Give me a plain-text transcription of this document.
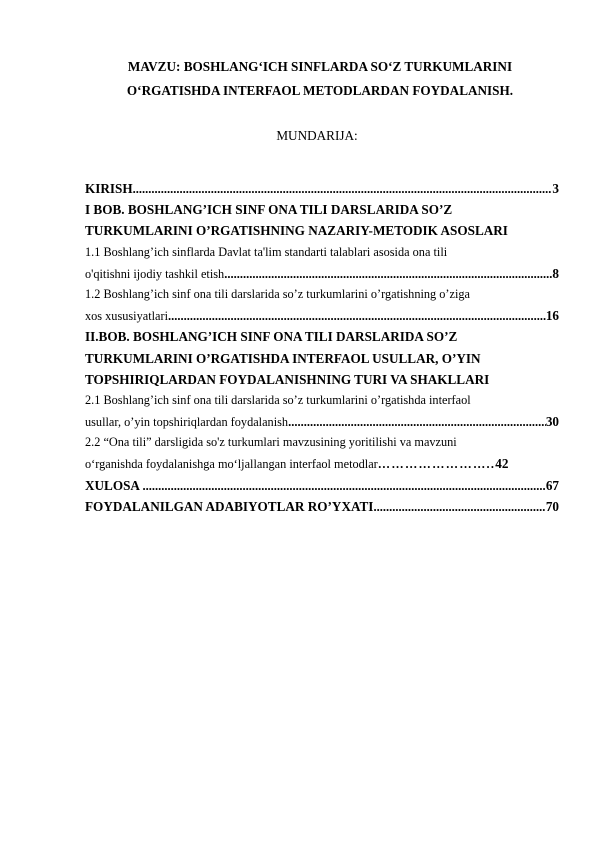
MAVZU: BOSHLANG‘ICH SINFLARDA SO‘Z TURKUMLARINI
O‘RGATISHDA INTERFAOL METODLARDAN FOYDALANISH.
MUNDARIJA:
KIRISH .....	3
I BOB. BOSHLANG’ICH SINF ONA TILI DARSLARIDA SO’Z
TURKUMLARINI O’RGATISHNING NAZARIY-METODIK ASOSLARI
1.1 Boshlang’ich sinflarda Davlat ta'lim standarti talablari asosida ona tili
o'qitishni ijodiy tashkil etish .....	8
1.2 Boshlang’ich sinf ona tili darslarida so’z turkumlarini o’rgatishning o’ziga
xos xususiyatlari .....	16
II.BOB. BOSHLANG’ICH SINF ONA TILI DARSLARIDA SO’Z
TURKUMLARINI O’RGATISHDA INTERFAOL USULLAR, O’YIN
TOPSHIRIQLARDAN FOYDALANISHNING TURI VA SHAKLLARI
2.1 Boshlang’ich sinf ona tili darslarida so’z turkumlarini o’rgatishda interfaol
usullar, o’yin topshiriqlardan foydalanish .....	30
2.2 “Ona tili” darsligida so'z turkumlari mavzusining yoritilishi va mavzuni
o‘rganishda foydalanishga mo‘ljallangan interfaol metodlar …………………….. 42
XULOSA .....	67
FOYDALANILGAN ADABIYOTLAR RO’YXATI .....	70
